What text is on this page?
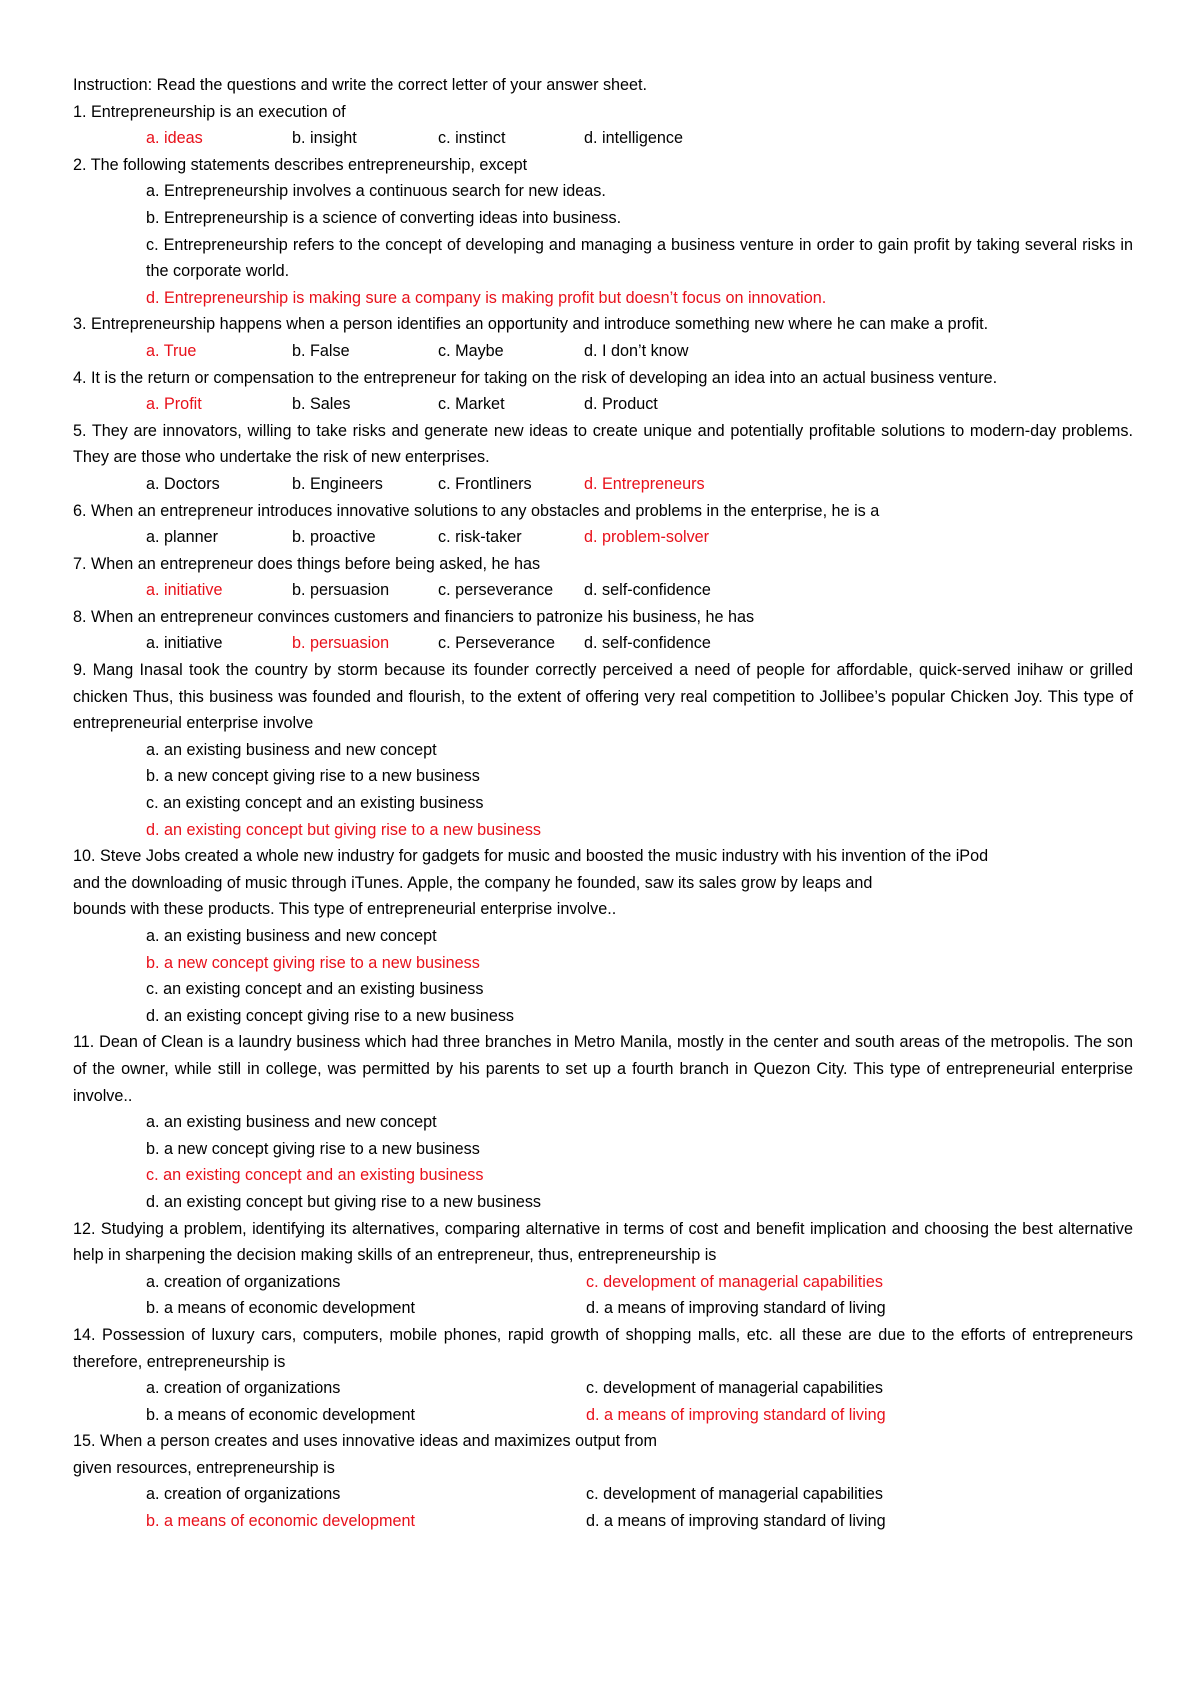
Instruction: Read the questions and write the correct letter of your answer sheet.

1. Entrepreneurship is an execution of

a. ideas	b. insight	c. instinct	d. intelligence

2. The following statements describes entrepreneurship, except

a. Entrepreneurship involves a continuous search for new ideas.

b. Entrepreneurship is a science of converting ideas into business.

c. Entrepreneurship refers to the concept of developing and managing a business venture in order to gain profit by taking several risks in the corporate world.

d. Entrepreneurship is making sure a company is making profit but doesn’t focus on innovation.

3. Entrepreneurship happens when a person identifies an opportunity and introduce something new where he can make a profit.

a. True	b. False	c. Maybe	d. I don’t know

4. It is the return or compensation to the entrepreneur for taking on the risk of developing an idea into an actual business venture.

a. Profit	b. Sales	c. Market	d. Product

5. They are innovators, willing to take risks and generate new ideas to create unique and potentially profitable solutions to modern-day problems. They are those who undertake the risk of new enterprises.

a. Doctors	b. Engineers	c. Frontliners	d. Entrepreneurs

6. When an entrepreneur introduces innovative solutions to any obstacles and problems in the enterprise, he is a

a. planner	b. proactive	c. risk-taker	d. problem-solver

7. When an entrepreneur does things before being asked, he has

a. initiative	b. persuasion	c. perseverance	d. self-confidence

8. When an entrepreneur convinces customers and financiers to patronize his business, he has

a. initiative	b. persuasion	c. Perseverance	d. self-confidence

9. Mang Inasal took the country by storm because its founder correctly perceived a need of people for affordable, quick-served inihaw or grilled chicken Thus, this business was founded and flourish, to the extent of offering very real competition to Jollibee’s popular Chicken Joy. This type of entrepreneurial enterprise involve

a. an existing business and new concept

b. a new concept giving rise to a new business

c. an existing concept and an existing business

d. an existing concept but giving rise to a new business

10. Steve Jobs created a whole new industry for gadgets for music and boosted the music industry with his invention of the iPod

and the downloading of music through iTunes. Apple, the company he founded, saw its sales grow by leaps and

bounds with these products. This type of entrepreneurial enterprise involve..

a. an existing business and new concept

b. a new concept giving rise to a new business

c. an existing concept and an existing business

d. an existing concept giving rise to a new business

11. Dean of Clean is a laundry business which had three branches in Metro Manila, mostly in the center and south areas of the metropolis. The son of the owner, while still in college, was permitted by his parents to set up a fourth branch in Quezon City. This type of entrepreneurial enterprise involve..

a. an existing business and new concept

b. a new concept giving rise to a new business

c. an existing concept and an existing business

d. an existing concept but giving rise to a new business

12. Studying a problem, identifying its alternatives, comparing alternative in terms of cost and benefit implication and choosing the best alternative help in sharpening the decision making skills of an entrepreneur, thus, entrepreneurship is

a. creation of organizations	c. development of managerial capabilities
b. a means of economic development	d. a means of improving standard of living

14. Possession of luxury cars, computers, mobile phones, rapid growth of shopping malls, etc. all these are due to the efforts of entrepreneurs therefore, entrepreneurship is

a. creation of organizations	c. development of managerial capabilities
b. a means of economic development	d. a means of improving standard of living

15. When a person creates and uses innovative ideas and maximizes output from

given resources, entrepreneurship is

a. creation of organizations	c. development of managerial capabilities
b. a means of economic development	d. a means of improving standard of living
